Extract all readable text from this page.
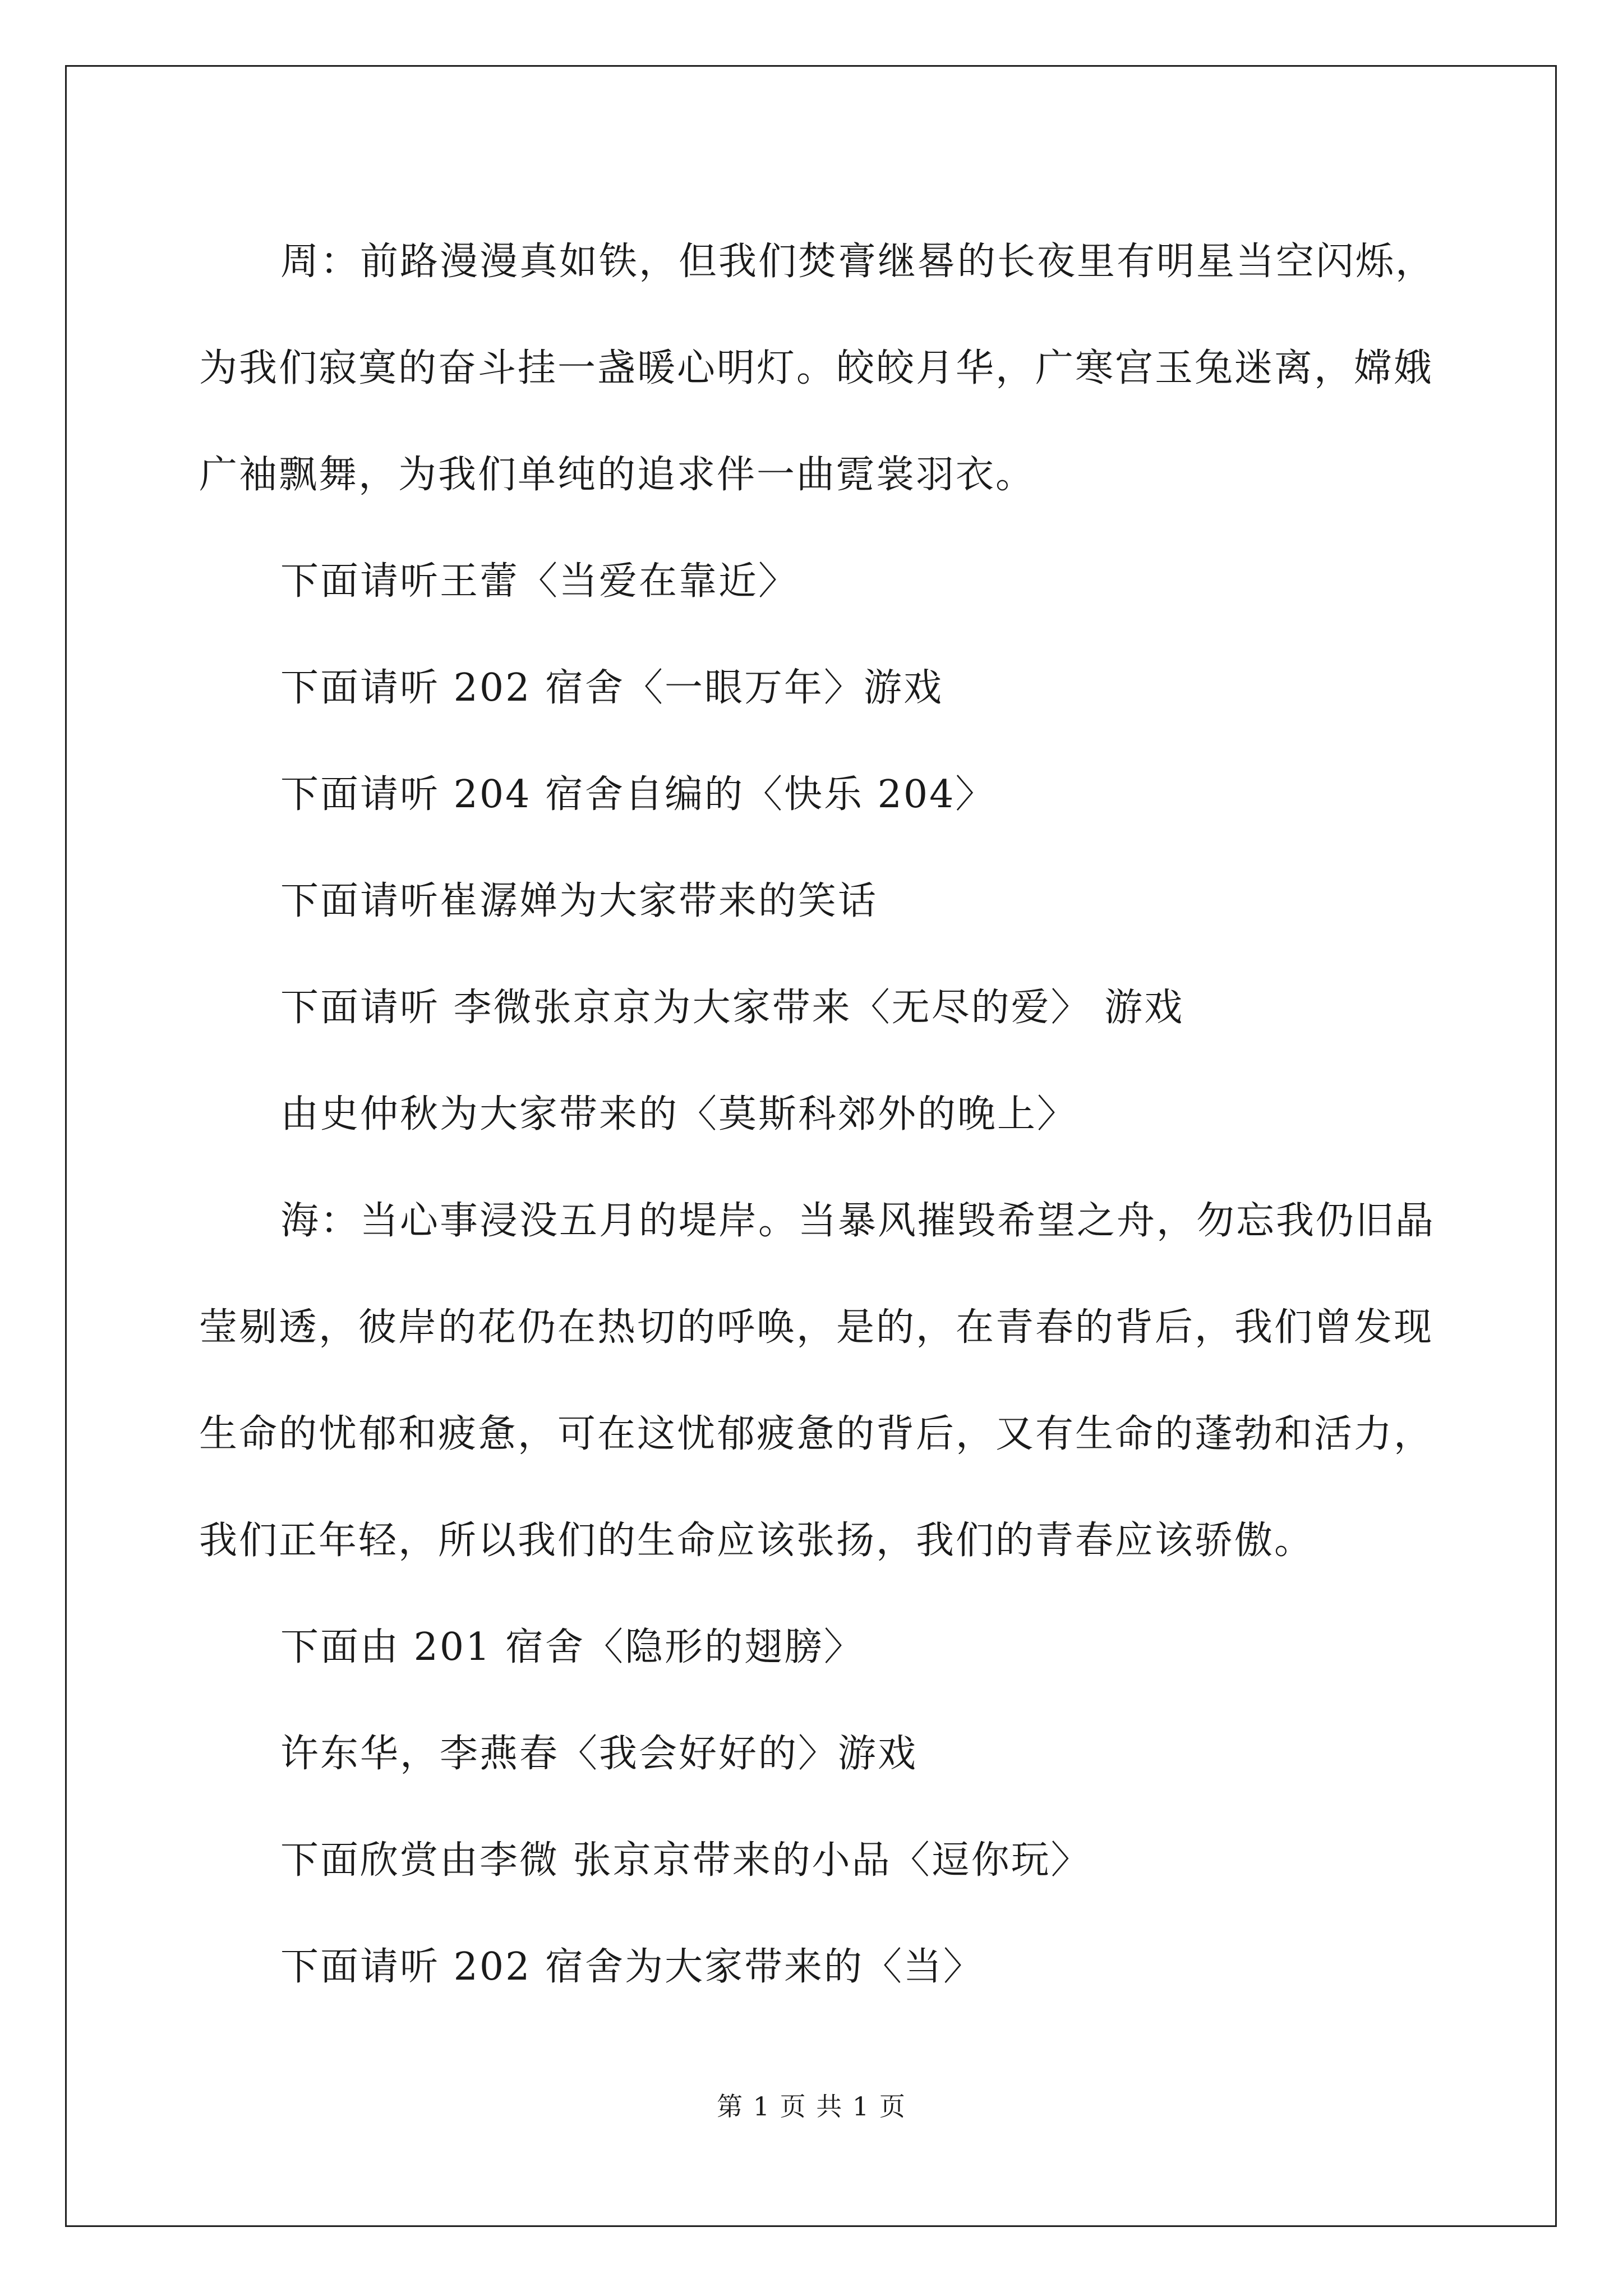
周：前路漫漫真如铁，但我们焚膏继晷的长夜里有明星当空闪烁，为我们寂寞的奋斗挂一盏暖心明灯。皎皎月华，广寒宫玉兔迷离，嫦娥广袖飘舞，为我们单纯的追求伴一曲霓裳羽衣。

下面请听王蕾〈当爱在靠近〉

下面请听 202 宿舍〈一眼万年〉游戏

下面请听 204 宿舍自编的〈快乐 204〉

下面请听崔潺婵为大家带来的笑话

下面请听 李微张京京为大家带来〈无尽的爱〉 游戏

由史仲秋为大家带来的〈莫斯科郊外的晚上〉

海：当心事浸没五月的堤岸。当暴风摧毁希望之舟，勿忘我仍旧晶莹剔透，彼岸的花仍在热切的呼唤，是的，在青春的背后，我们曾发现生命的忧郁和疲惫，可在这忧郁疲惫的背后，又有生命的蓬勃和活力，我们正年轻，所以我们的生命应该张扬，我们的青春应该骄傲。

下面由 201 宿舍〈隐形的翅膀〉

许东华，李燕春〈我会好好的〉游戏

下面欣赏由李微 张京京带来的小品〈逗你玩〉

下面请听 202 宿舍为大家带来的〈当〉

第 1 页 共 1 页
